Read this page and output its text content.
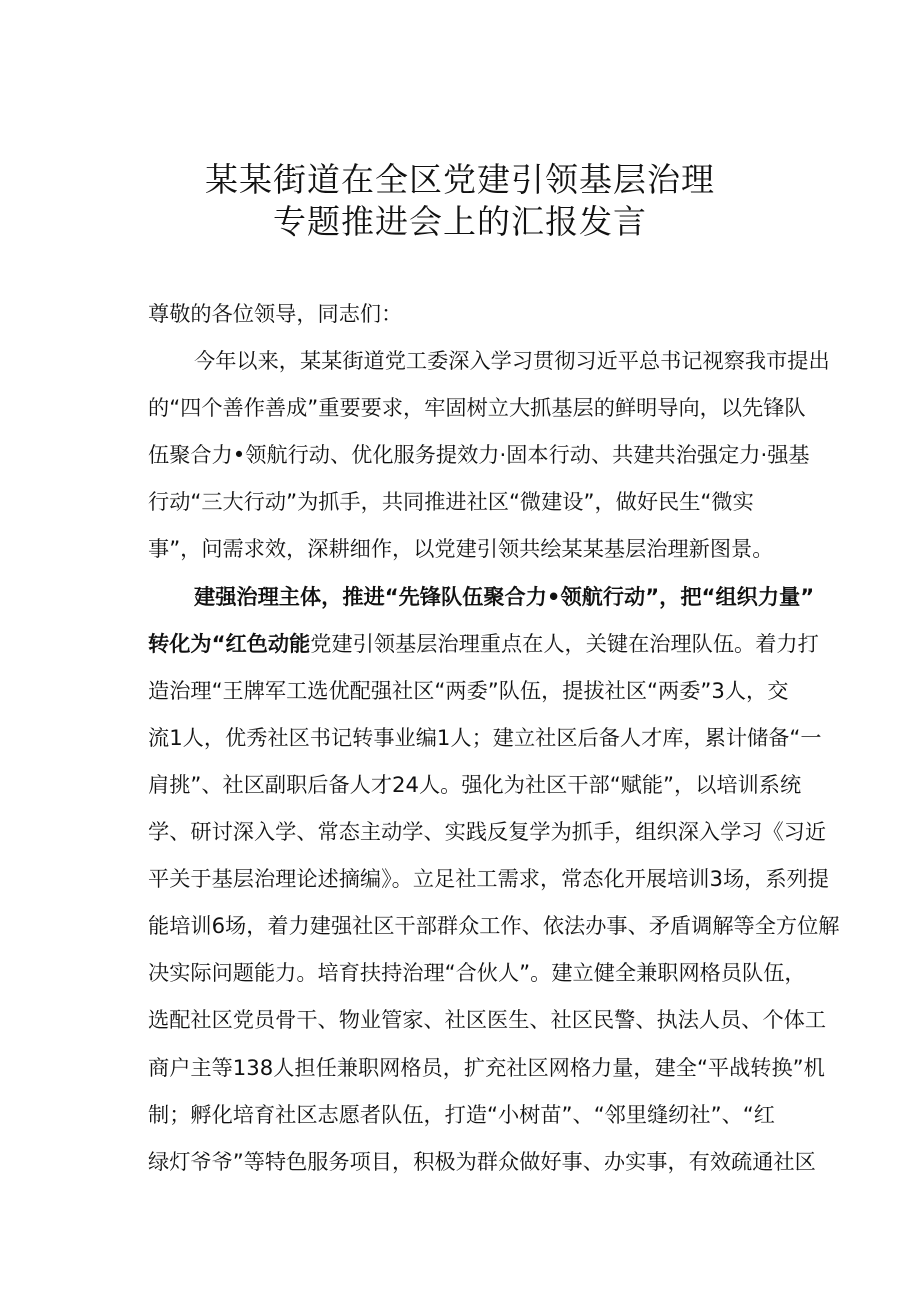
某某街道在全区党建引领基层治理
专题推进会上的汇报发言
尊敬的各位领导，同志们：
今年以来，某某街道党工委深入学习贯彻习近平总书记视察我市提出
的“四个善作善成”重要要求，牢固树立大抓基层的鲜明导向，以先锋队
伍聚合力•领航行动、优化服务提效力·固本行动、共建共治强定力·强基
行动“三大行动”为抓手，共同推进社区“微建设”，做好民生“微实
事”，问需求效，深耕细作，以党建引领共绘某某基层治理新图景。
建强治理主体，推进“先锋队伍聚合力•领航行动”，把“组织力量”
转化为“红色动能党建引领基层治理重点在人，关键在治理队伍。着力打
造治理“王牌军工选优配强社区“两委”队伍，提拔社区“两委”3人，交
流1人，优秀社区书记转事业编1人；建立社区后备人才库，累计储备“一
肩挑”、社区副职后备人才24人。强化为社区干部“赋能”，以培训系统
学、研讨深入学、常态主动学、实践反复学为抓手，组织深入学习《习近
平关于基层治理论述摘编》。立足社工需求，常态化开展培训3场，系列提
能培训6场，着力建强社区干部群众工作、依法办事、矛盾调解等全方位解
决实际问题能力。培育扶持治理“合伙人”。建立健全兼职网格员队伍，
选配社区党员骨干、物业管家、社区医生、社区民警、执法人员、个体工
商户主等138人担任兼职网格员，扩充社区网格力量，建全“平战转换”机
制；孵化培育社区志愿者队伍，打造“小树苗”、“邻里缝纫社”、“红
绿灯爷爷”等特色服务项目，积极为群众做好事、办实事，有效疏通社区
